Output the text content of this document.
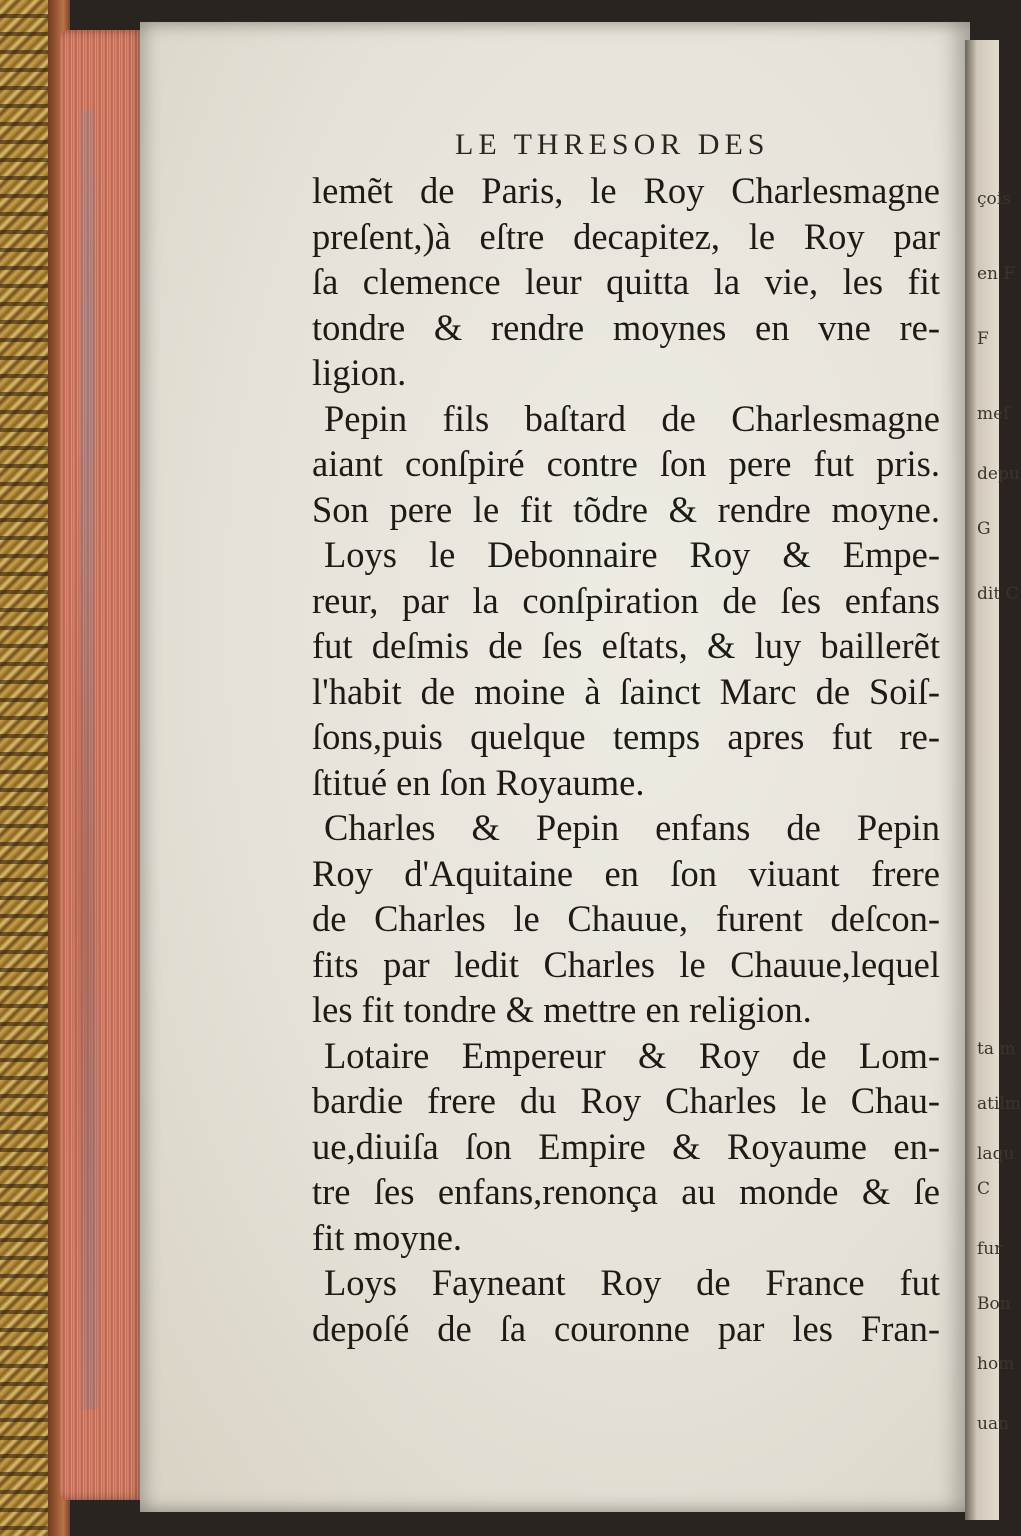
çois
en F
F
meſ
depu
G
dit C
ta m
atilm
laqu
C
fur
Bon
hom
uan
LE THRESOR DES
lemẽt de Paris, le Roy Charlesmagne
preſent,)à eſtre decapitez, le Roy par
ſa clemence leur quitta la vie, les fit
tondre & rendre moynes en vne re-
ligion.
Pepin fils baſtard de Charlesmagne
aiant conſpiré contre ſon pere fut pris.
Son pere le fit tõdre & rendre moyne.
Loys le Debonnaire Roy & Empe-
reur, par la conſpiration de ſes enfans
fut deſmis de ſes eſtats, & luy baillerẽt
l'habit de moine à ſainct Marc de Soiſ-
ſons,puis quelque temps apres fut re-
ſtitué en ſon Royaume.
Charles & Pepin enfans de Pepin
Roy d'Aquitaine en ſon viuant frere
de Charles le Chauue, furent deſcon-
fits par ledit Charles le Chauue,lequel
les fit tondre & mettre en religion.
Lotaire Empereur & Roy de Lom-
bardie frere du Roy Charles le Chau-
ue,diuiſa ſon Empire & Royaume en-
tre ſes enfans,renonça au monde & ſe
fit moyne.
Loys Fayneant Roy de France fut
depoſé de ſa couronne par les Fran-
